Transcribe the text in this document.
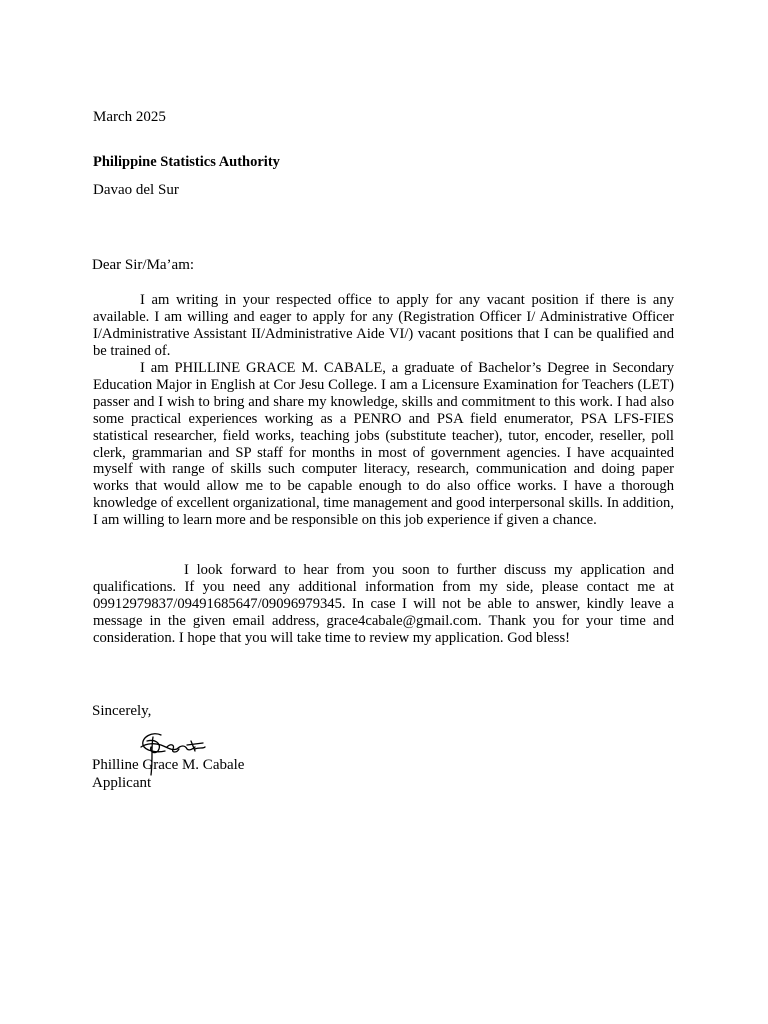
March 2025
Philippine Statistics Authority
Davao del Sur
Dear Sir/Ma’am:

I am writing in your respected office to apply for any vacant position if there is any available. I am willing and eager to apply for any (Registration Officer I/ Administrative Officer I/Administrative Assistant II/Administrative Aide VI/) vacant positions that I can be qualified and be trained of.

I am PHILLINE GRACE M. CABALE, a graduate of Bachelor’s Degree in Secondary Education Major in English at Cor Jesu College. I am a Licensure Examination for Teachers (LET) passer and I wish to bring and share my knowledge, skills and commitment to this work. I had also some practical experiences working as a PENRO and PSA field enumerator, PSA LFS-FIES statistical researcher, field works, teaching jobs (substitute teacher), tutor, encoder, reseller, poll clerk, grammarian and SP staff for months in most of government agencies. I have acquainted myself with range of skills such computer literacy, research, communication and doing paper works that would allow me to be capable enough to do also office works. I have a thorough knowledge of excellent organizational, time management and good interpersonal skills. In addition, I am willing to learn more and be responsible on this job experience if given a chance.

I look forward to hear from you soon to further discuss my application and qualifications. If you need any additional information from my side, please contact me at 09912979837/09491685647/09096979345. In case I will not be able to answer, kindly leave a message in the given email address, grace4cabale@gmail.com. Thank you for your time and consideration. I hope that you will take time to review my application. God bless!

Sincerely,
Philline Grace M. Cabale
Applicant
